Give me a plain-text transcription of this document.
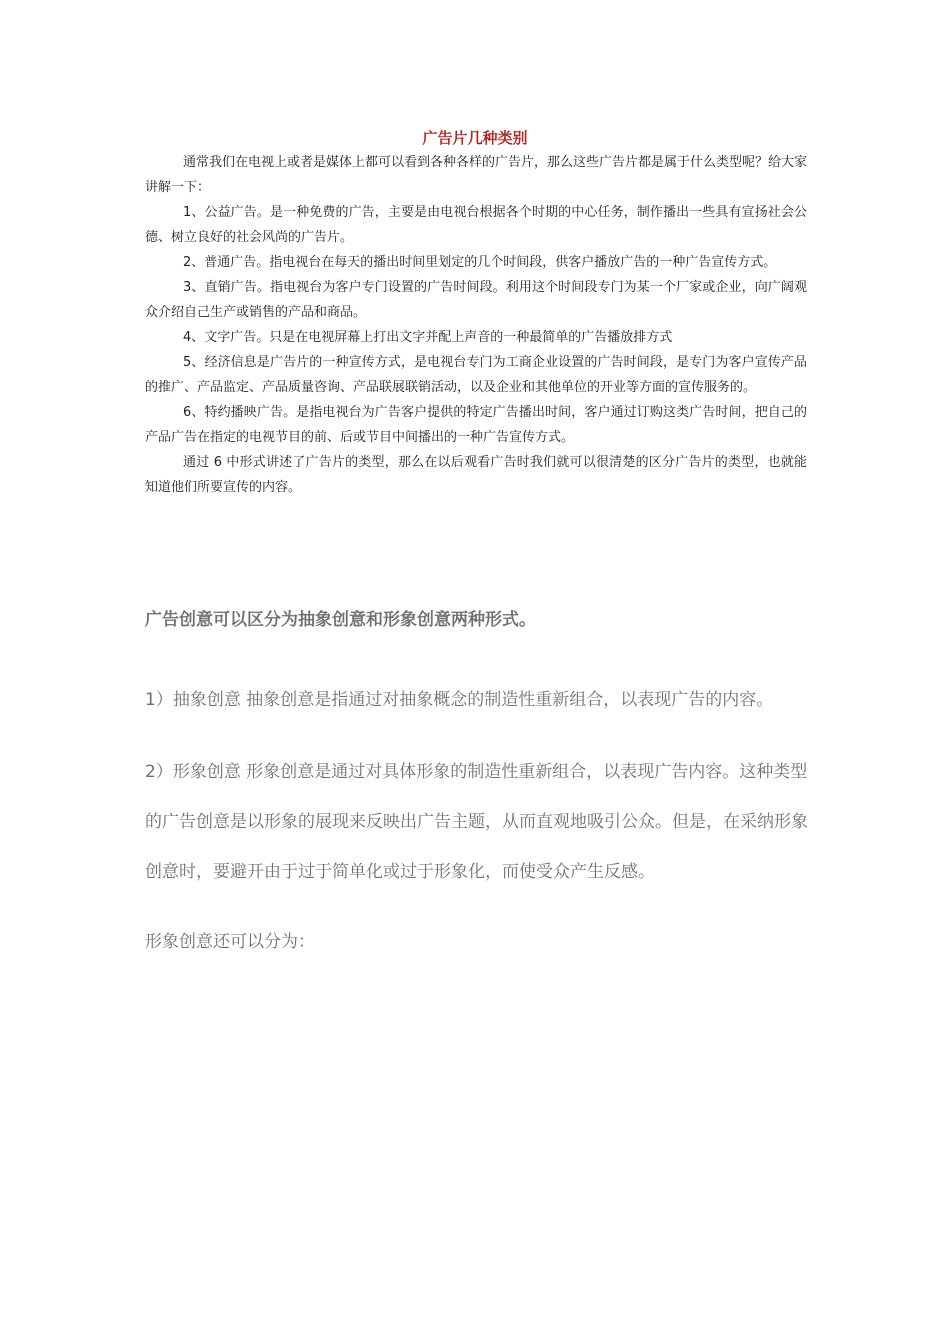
广告片几种类别

通常我们在电视上或者是媒体上都可以看到各种各样的广告片，那么这些广告片都是属于什么类型呢？给大家讲解一下：

1、公益广告。是一种免费的广告，主要是由电视台根据各个时期的中心任务，制作播出一些具有宣扬社会公德、树立良好的社会风尚的广告片。

2、普通广告。指电视台在每天的播出时间里划定的几个时间段，供客户播放广告的一种广告宣传方式。

3、直销广告。指电视台为客户专门设置的广告时间段。利用这个时间段专门为某一个厂家或企业，向广阔观众介绍自己生产或销售的产品和商品。

4、文字广告。只是在电视屏幕上打出文字并配上声音的一种最简单的广告播放排方式

5、经济信息是广告片的一种宣传方式，是电视台专门为工商企业设置的广告时间段，是专门为客户宣传产品的推广、产品监定、产品质量咨询、产品联展联销活动，以及企业和其他单位的开业等方面的宣传服务的。

6、特约播映广告。是指电视台为广告客户提供的特定广告播出时间，客户通过订购这类广告时间，把自己的产品广告在指定的电视节目的前、后或节目中间播出的一种广告宣传方式。

通过 6 中形式讲述了广告片的类型，那么在以后观看广告时我们就可以很清楚的区分广告片的类型，也就能知道他们所要宣传的内容。

广告创意可以区分为抽象创意和形象创意两种形式。

1）抽象创意 抽象创意是指通过对抽象概念的制造性重新组合，以表现广告的内容。

2）形象创意 形象创意是通过对具体形象的制造性重新组合，以表现广告内容。这种类型的广告创意是以形象的展现来反映出广告主题，从而直观地吸引公众。但是，在采纳形象创意时，要避开由于过于简单化或过于形象化，而使受众产生反感。

形象创意还可以分为：
